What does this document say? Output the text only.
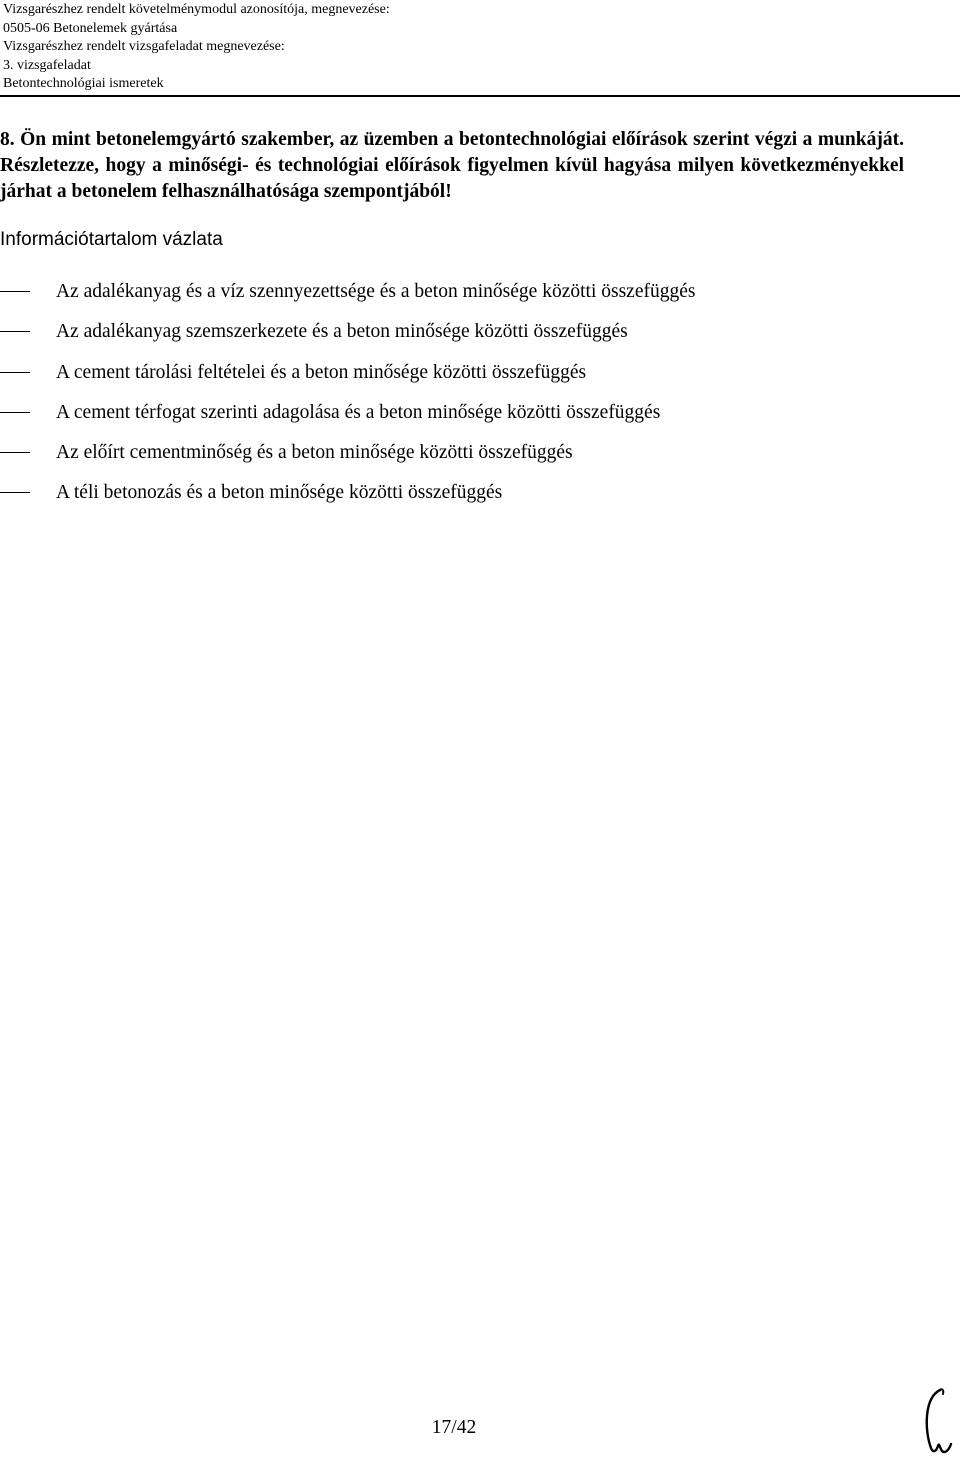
Vizsgarészhez rendelt követelménymodul azonosítója, megnevezése:
0505-06 Betonelemek gyártása
Vizsgarészhez rendelt vizsgafeladat megnevezése:
3. vizsgafeladat
Betontechnológiai ismeretek

8. Ön mint betonelemgyártó szakember, az üzemben a betontechnológiai előírások szerint végzi a munkáját. Részletezze, hogy a minőségi- és technológiai előírások figyelmen kívül hagyása milyen következményekkel járhat a betonelem felhasználhatósága szempontjából!

Információtartalom vázlata
Az adalékanyag és a víz szennyezettsége és a beton minősége közötti összefüggés
Az adalékanyag szemszerkezete és a beton minősége közötti összefüggés
A cement tárolási feltételei és a beton minősége közötti összefüggés
A cement térfogat szerinti adagolása és a beton minősége közötti összefüggés
Az előírt cementminőség és a beton minősége közötti összefüggés
A téli betonozás és a beton minősége közötti összefüggés
17/42
